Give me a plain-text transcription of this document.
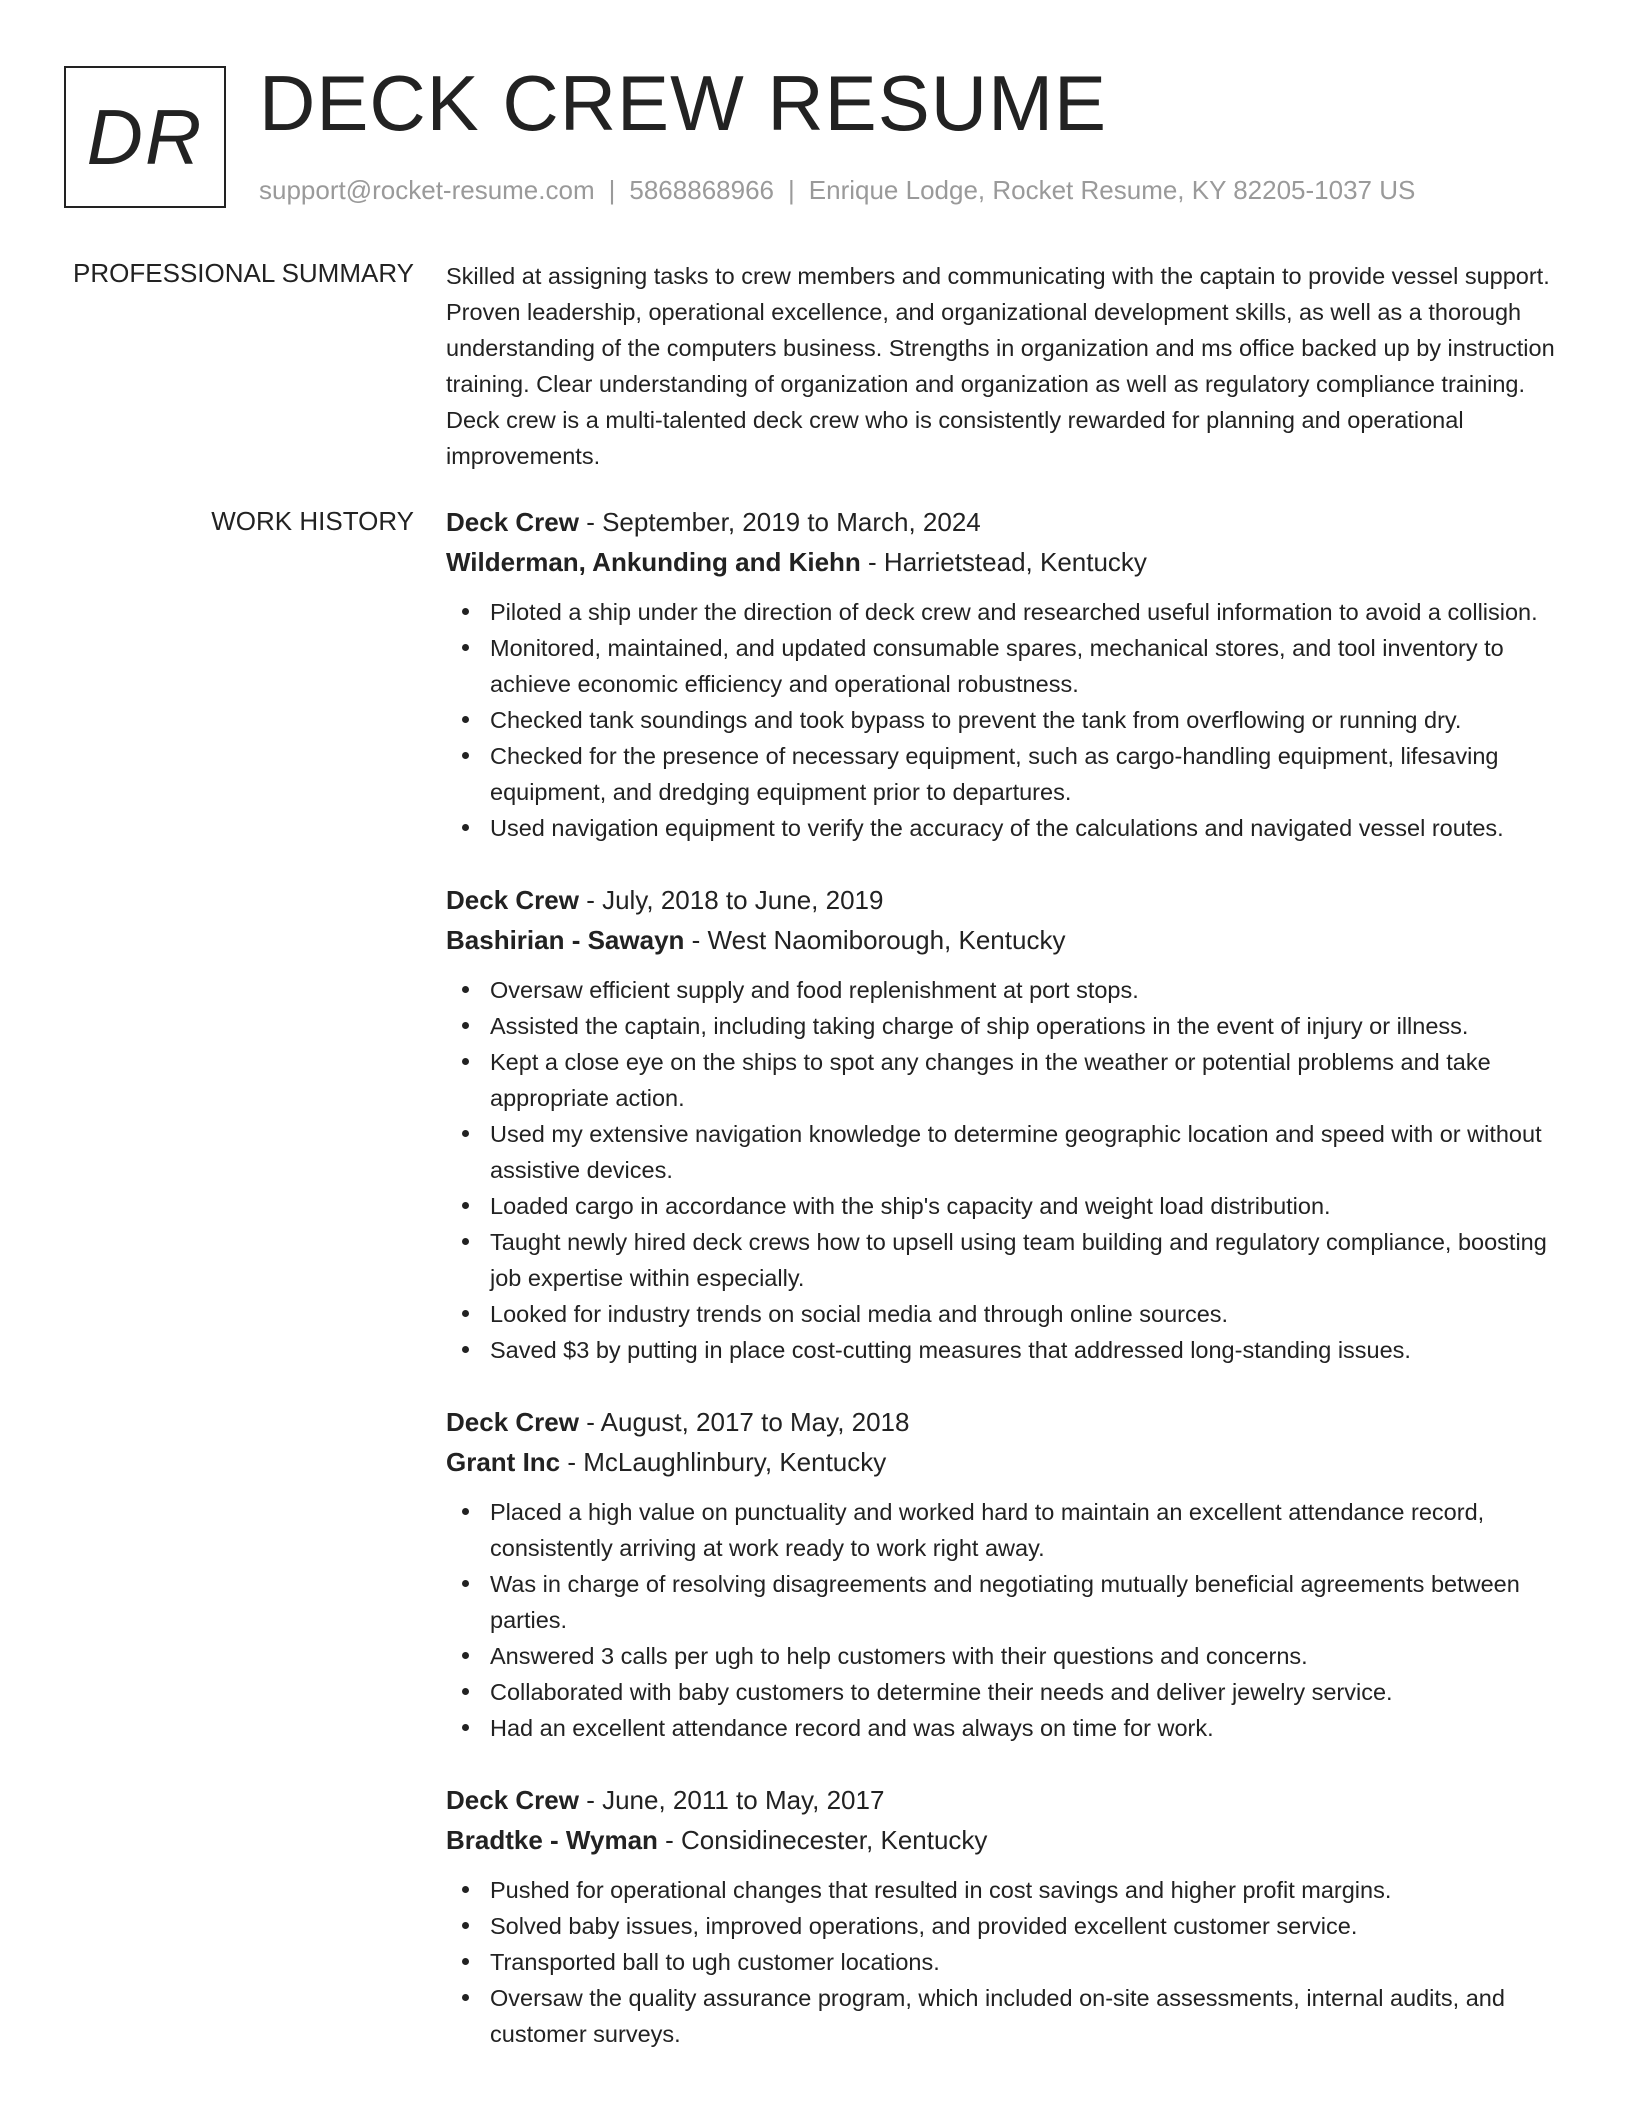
DR DECK CREW RESUME
support@rocket-resume.com | 5868868966 | Enrique Lodge, Rocket Resume, KY 82205-1037 US
PROFESSIONAL SUMMARY Skilled at assigning tasks to crew members and communicating with the captain to provide vessel support. Proven leadership, operational excellence, and organizational development skills, as well as a thorough understanding of the computers business. Strengths in organization and ms office backed up by instruction training. Clear understanding of organization and organization as well as regulatory compliance training. Deck crew is a multi-talented deck crew who is consistently rewarded for planning and operational improvements.

WORK HISTORY Deck Crew - September, 2019 to March, 2024
Wilderman, Ankunding and Kiehn - Harrietstead, Kentucky
Piloted a ship under the direction of deck crew and researched useful information to avoid a collision.
Monitored, maintained, and updated consumable spares, mechanical stores, and tool inventory to achieve economic efficiency and operational robustness.
Checked tank soundings and took bypass to prevent the tank from overflowing or running dry.
Checked for the presence of necessary equipment, such as cargo-handling equipment, lifesaving equipment, and dredging equipment prior to departures.
Used navigation equipment to verify the accuracy of the calculations and navigated vessel routes.
Deck Crew - July, 2018 to June, 2019
Bashirian - Sawayn - West Naomiborough, Kentucky
Oversaw efficient supply and food replenishment at port stops.
Assisted the captain, including taking charge of ship operations in the event of injury or illness.
Kept a close eye on the ships to spot any changes in the weather or potential problems and take appropriate action.
Used my extensive navigation knowledge to determine geographic location and speed with or without assistive devices.
Loaded cargo in accordance with the ship's capacity and weight load distribution.
Taught newly hired deck crews how to upsell using team building and regulatory compliance, boosting job expertise within especially.
Looked for industry trends on social media and through online sources.
Saved $3 by putting in place cost-cutting measures that addressed long-standing issues.
Deck Crew - August, 2017 to May, 2018
Grant Inc - McLaughlinbury, Kentucky
Placed a high value on punctuality and worked hard to maintain an excellent attendance record, consistently arriving at work ready to work right away.
Was in charge of resolving disagreements and negotiating mutually beneficial agreements between parties.
Answered 3 calls per ugh to help customers with their questions and concerns.
Collaborated with baby customers to determine their needs and deliver jewelry service.
Had an excellent attendance record and was always on time for work.
Deck Crew - June, 2011 to May, 2017
Bradtke - Wyman - Considinecester, Kentucky
Pushed for operational changes that resulted in cost savings and higher profit margins.
Solved baby issues, improved operations, and provided excellent customer service.
Transported ball to ugh customer locations.
Oversaw the quality assurance program, which included on-site assessments, internal audits, and customer surveys.
